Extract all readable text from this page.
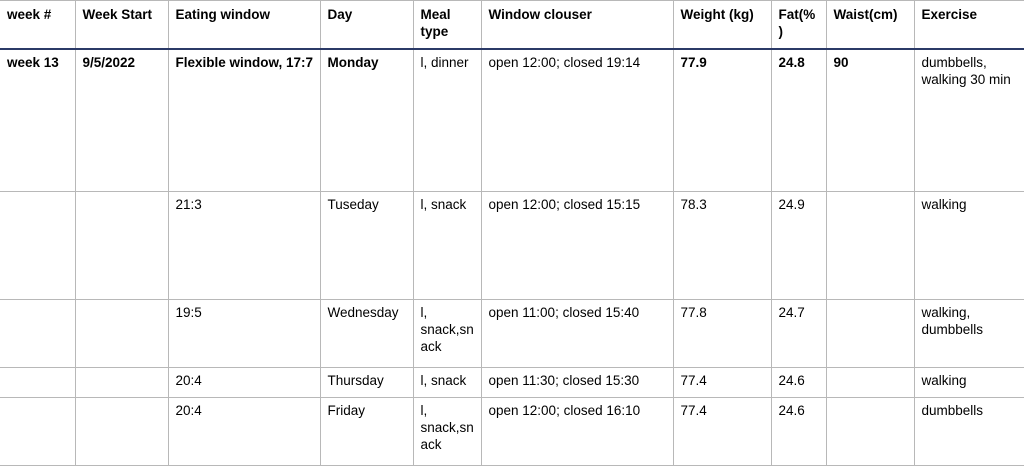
week #	Week Start	Eating window	Day	Meal type	Window clouser	Weight (kg)	Fat(%)	Waist(cm)	Exercise
week 13	9/5/2022	Flexible window, 17:7	Monday	l, dinner	open 12:00; closed 19:14	77.9	24.8	90	dumbbells, walking 30 min
		21:3	Tuseday	l, snack	open 12:00; closed 15:15	78.3	24.9		walking
		19:5	Wednesday	l, snack,snack	open 11:00; closed 15:40	77.8	24.7		walking, dumbbells
		20:4	Thursday	l, snack	open 11:30; closed 15:30	77.4	24.6		walking
		20:4	Friday	l, snack,snack	open 12:00; closed 16:10	77.4	24.6		dumbbells
